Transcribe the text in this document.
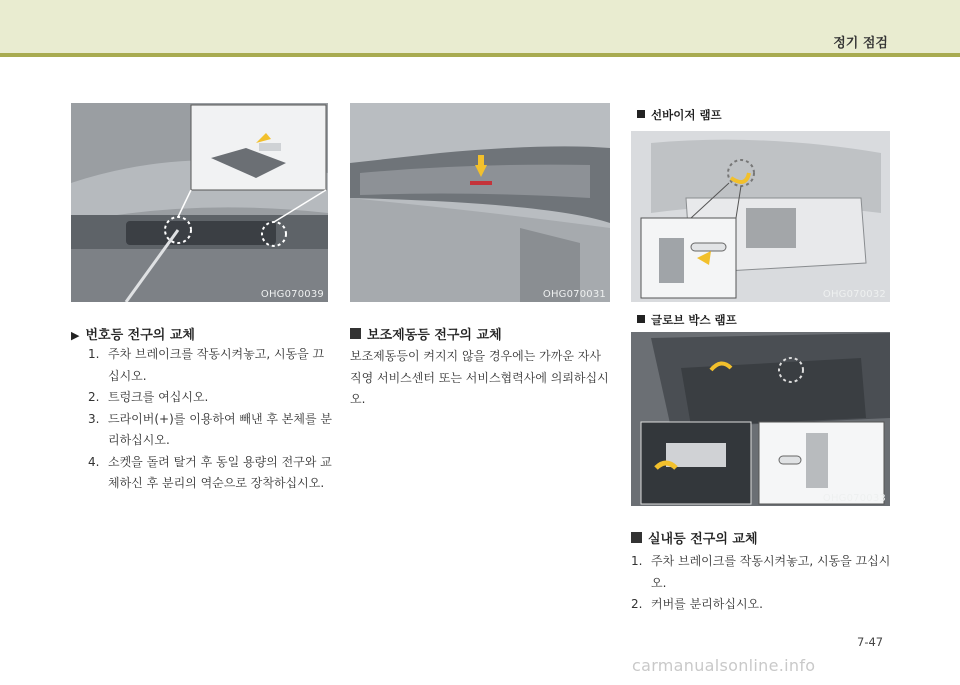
정기 점검
OHG070039	OHG070031
선바이저 램프
OHG070032
글로브 박스 램프
OHG070033
▶ 번호등 전구의 교체
1. 주차 브레이크를 작동시켜놓고, 시동을 끄십시오.
2. 트렁크를 여십시오.
3. 드라이버(+)를 이용하여 빼낸 후 본체를 분리하십시오.
4. 소켓을 돌려 탈거 후 동일 용량의 전구와 교체하신 후 분리의 역순으로 장착하십시오.
보조제동등 전구의 교체
보조제동등이 켜지지 않을 경우에는 가까운 자사 직영 서비스센터 또는 서비스협력사에 의뢰하십시오.
실내등 전구의 교체
1. 주차 브레이크를 작동시켜놓고, 시동을 끄십시오.
2. 커버를 분리하십시오.
7-47
carmanualsonline.info
